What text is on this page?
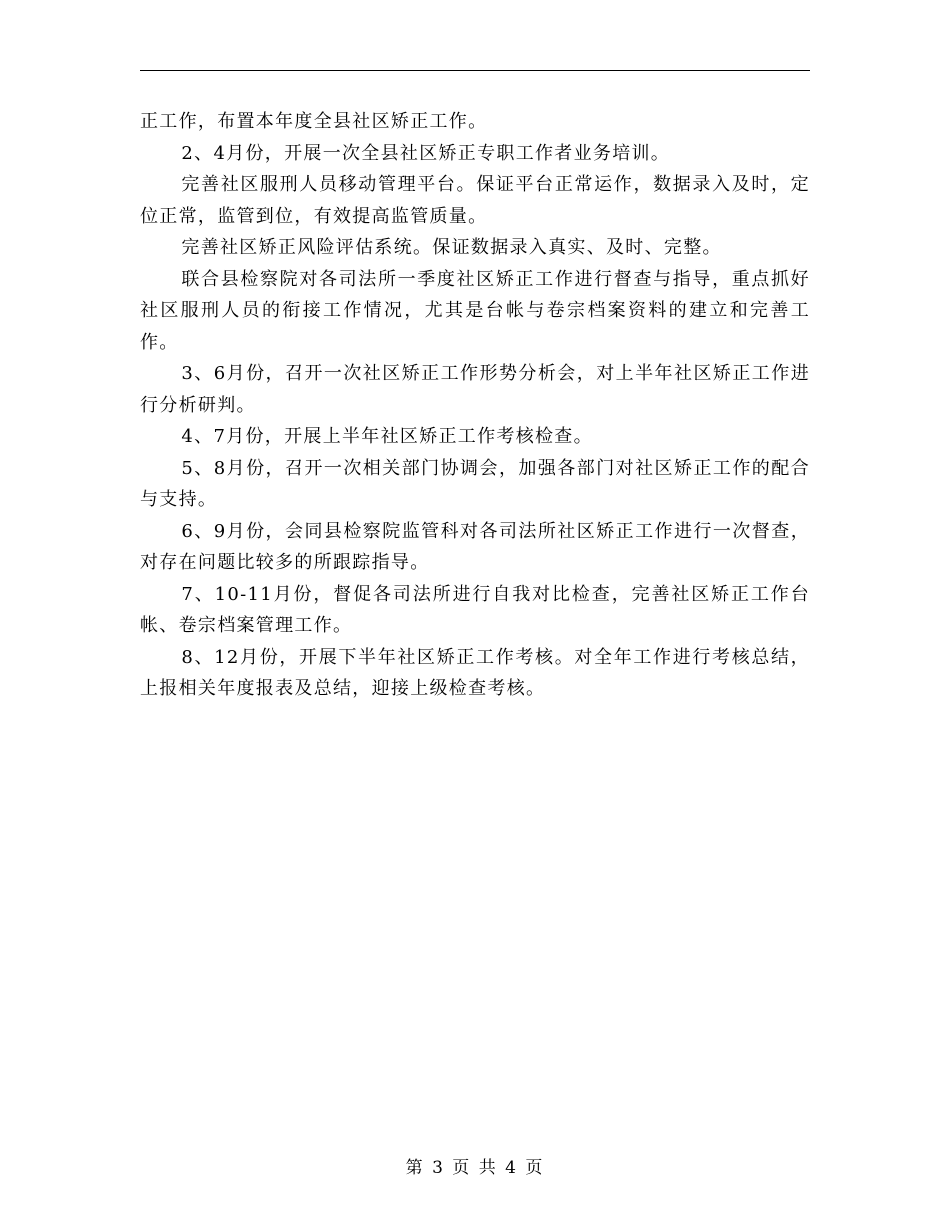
正工作，布置本年度全县社区矫正工作。

2、4月份，开展一次全县社区矫正专职工作者业务培训。

完善社区服刑人员移动管理平台。保证平台正常运作，数据录入及时，定位正常，监管到位，有效提高监管质量。

完善社区矫正风险评估系统。保证数据录入真实、及时、完整。

联合县检察院对各司法所一季度社区矫正工作进行督查与指导，重点抓好社区服刑人员的衔接工作情况，尤其是台帐与卷宗档案资料的建立和完善工作。

3、6月份，召开一次社区矫正工作形势分析会，对上半年社区矫正工作进行分析研判。

4、7月份，开展上半年社区矫正工作考核检查。

5、8月份，召开一次相关部门协调会，加强各部门对社区矫正工作的配合与支持。

6、9月份，会同县检察院监管科对各司法所社区矫正工作进行一次督查，对存在问题比较多的所跟踪指导。

7、10-11月份，督促各司法所进行自我对比检查，完善社区矫正工作台帐、卷宗档案管理工作。

8、12月份，开展下半年社区矫正工作考核。对全年工作进行考核总结，上报相关年度报表及总结，迎接上级检查考核。

第 3 页 共 4 页
